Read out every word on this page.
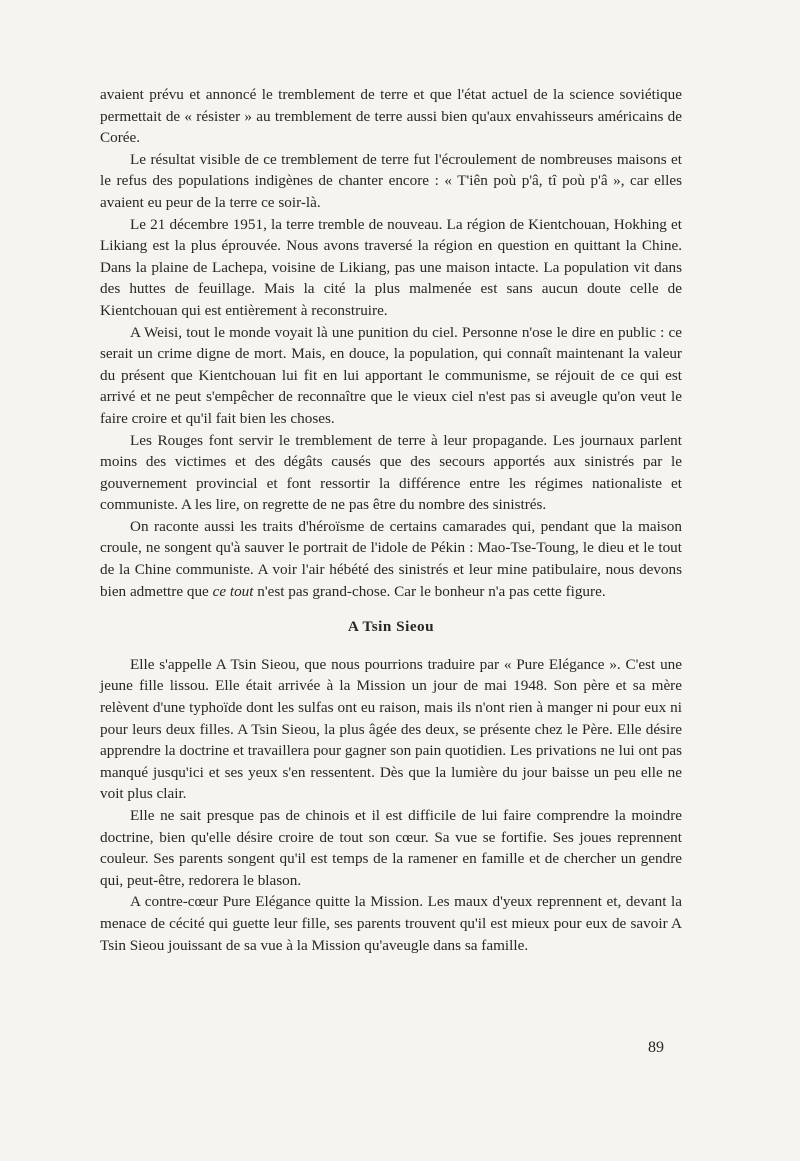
avaient prévu et annoncé le tremblement de terre et que l'état actuel de la science soviétique permettait de « résister » au tremblement de terre aussi bien qu'aux envahisseurs américains de Corée.

Le résultat visible de ce tremblement de terre fut l'écroulement de nombreuses maisons et le refus des populations indigènes de chanter encore : « T'iên poù p'â, tî poù p'â », car elles avaient eu peur de la terre ce soir-là.

Le 21 décembre 1951, la terre tremble de nouveau. La région de Kientchouan, Hokhing et Likiang est la plus éprouvée. Nous avons traversé la région en question en quittant la Chine. Dans la plaine de Lachepa, voisine de Likiang, pas une maison intacte. La population vit dans des huttes de feuillage. Mais la cité la plus malmenée est sans aucun doute celle de Kientchouan qui est entièrement à reconstruire.

A Weisi, tout le monde voyait là une punition du ciel. Personne n'ose le dire en public : ce serait un crime digne de mort. Mais, en douce, la population, qui connaît maintenant la valeur du présent que Kientchouan lui fit en lui apportant le communisme, se réjouit de ce qui est arrivé et ne peut s'empêcher de reconnaître que le vieux ciel n'est pas si aveugle qu'on veut le faire croire et qu'il fait bien les choses.

Les Rouges font servir le tremblement de terre à leur propagande. Les journaux parlent moins des victimes et des dégâts causés que des secours apportés aux sinistrés par le gouvernement provincial et font ressortir la différence entre les régimes nationaliste et communiste. A les lire, on regrette de ne pas être du nombre des sinistrés.

On raconte aussi les traits d'héroïsme de certains camarades qui, pendant que la maison croule, ne songent qu'à sauver le portrait de l'idole de Pékin : Mao-Tse-Toung, le dieu et le tout de la Chine communiste. A voir l'air hébété des sinistrés et leur mine patibulaire, nous devons bien admettre que ce tout n'est pas grand-chose. Car le bonheur n'a pas cette figure.

A Tsin Sieou

Elle s'appelle A Tsin Sieou, que nous pourrions traduire par « Pure Elégance ». C'est une jeune fille lissou. Elle était arrivée à la Mission un jour de mai 1948. Son père et sa mère relèvent d'une typhoïde dont les sulfas ont eu raison, mais ils n'ont rien à manger ni pour eux ni pour leurs deux filles. A Tsin Sieou, la plus âgée des deux, se présente chez le Père. Elle désire apprendre la doctrine et travaillera pour gagner son pain quotidien. Les privations ne lui ont pas manqué jusqu'ici et ses yeux s'en ressentent. Dès que la lumière du jour baisse un peu elle ne voit plus clair.

Elle ne sait presque pas de chinois et il est difficile de lui faire comprendre la moindre doctrine, bien qu'elle désire croire de tout son cœur. Sa vue se fortifie. Ses joues reprennent couleur. Ses parents songent qu'il est temps de la ramener en famille et de chercher un gendre qui, peut-être, redorera le blason.

A contre-cœur Pure Elégance quitte la Mission. Les maux d'yeux reprennent et, devant la menace de cécité qui guette leur fille, ses parents trouvent qu'il est mieux pour eux de savoir A Tsin Sieou jouissant de sa vue à la Mission qu'aveugle dans sa famille.

89
